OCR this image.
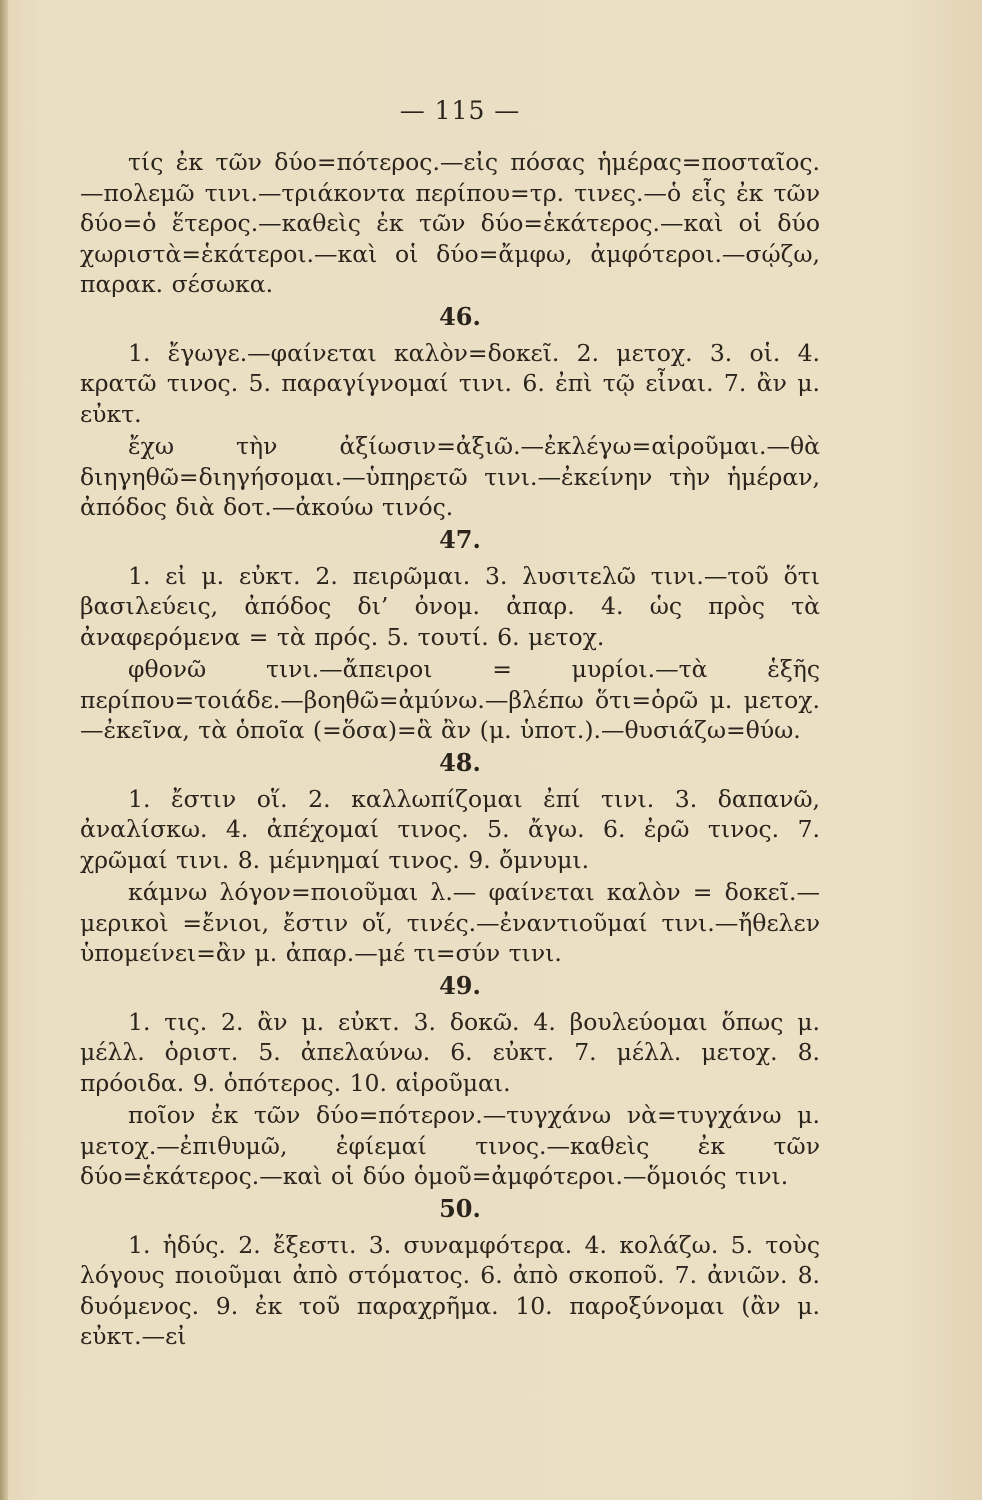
— 115 —

τίς ἐκ τῶν δύο=πότερος.—εἰς πόσας ἡμέρας=ποσταῖος.—πολεμῶ τινι.—τριάκοντα περίπου=τρ. τινες.—ὁ εἷς ἐκ τῶν δύο=ὁ ἕτερος.—καθεὶς ἐκ τῶν δύο=ἑκάτερος.—καὶ οἱ δύο χωριστὰ=ἑκάτεροι.—καὶ οἱ δύο=ἄμφω, ἀμφότεροι.—σῴζω, παρακ. σέσωκα.

46.

1. ἔγωγε.—φαίνεται καλὸν=δοκεῖ. 2. μετοχ. 3. οἱ. 4. κρατῶ τινος. 5. παραγίγνομαί τινι. 6. ἐπὶ τῷ εἶναι. 7. ἂν μ. εὐκτ.

ἔχω τὴν ἀξίωσιν=ἀξιῶ.—ἐκλέγω=αἱροῦμαι.—θὰ διηγηθῶ=διηγήσομαι.—ὑπηρετῶ τινι.—ἐκείνην τὴν ἡμέραν, ἀπόδος διὰ δοτ.—ἀκούω τινός.

47.

1. εἰ μ. εὐκτ. 2. πειρῶμαι. 3. λυσιτελῶ τινι.—τοῦ ὅτι βασιλεύεις, ἀπόδος δι’ ὀνομ. ἀπαρ. 4. ὡς πρὸς τὰ ἀναφερόμενα = τὰ πρός. 5. τουτί. 6. μετοχ.

φθονῶ τινι.—ἄπειροι = μυρίοι.—τὰ ἑξῆς περίπου=τοιάδε.—βοηθῶ=ἀμύνω.—βλέπω ὅτι=ὁρῶ μ. μετοχ.—ἐκεῖνα, τὰ ὁποῖα (=ὅσα)=ἃ ἂν (μ. ὑποτ.).—θυσιάζω=θύω.

48.

1. ἔστιν οἵ. 2. καλλωπίζομαι ἐπί τινι. 3. δαπανῶ, ἀναλίσκω. 4. ἀπέχομαί τινος. 5. ἄγω. 6. ἐρῶ τινος. 7. χρῶμαί τινι. 8. μέμνημαί τινος. 9. ὄμνυμι.

κάμνω λόγον=ποιοῦμαι λ.— φαίνεται καλὸν = δοκεῖ.—μερικοὶ =ἔνιοι, ἔστιν οἵ, τινές.—ἐναντιοῦμαί τινι.—ἤθελεν ὑπομείνει=ἂν μ. ἀπαρ.—μέ τι=σύν τινι.

49.

1. τις. 2. ἂν μ. εὐκτ. 3. δοκῶ. 4. βουλεύομαι ὅπως μ. μέλλ. ὁριστ. 5. ἀπελαύνω. 6. εὐκτ. 7. μέλλ. μετοχ. 8. πρόοιδα. 9. ὁπότερος. 10. αἱροῦμαι.

ποῖον ἐκ τῶν δύο=πότερον.—τυγχάνω νὰ=τυγχάνω μ. μετοχ.—ἐπιθυμῶ, ἐφίεμαί τινος.—καθεὶς ἐκ τῶν δύο=ἑκάτερος.—καὶ οἱ δύο ὁμοῦ=ἀμφότεροι.—ὅμοιός τινι.

50.

1. ἡδύς. 2. ἔξεστι. 3. συναμφότερα. 4. κολάζω. 5. τοὺς λόγους ποιοῦμαι ἀπὸ στόματος. 6. ἀπὸ σκοποῦ. 7. ἀνιῶν. 8. δυόμενος. 9. ἐκ τοῦ παραχρῆμα. 10. παροξύνομαι (ἂν μ. εὐκτ.—εἰ
